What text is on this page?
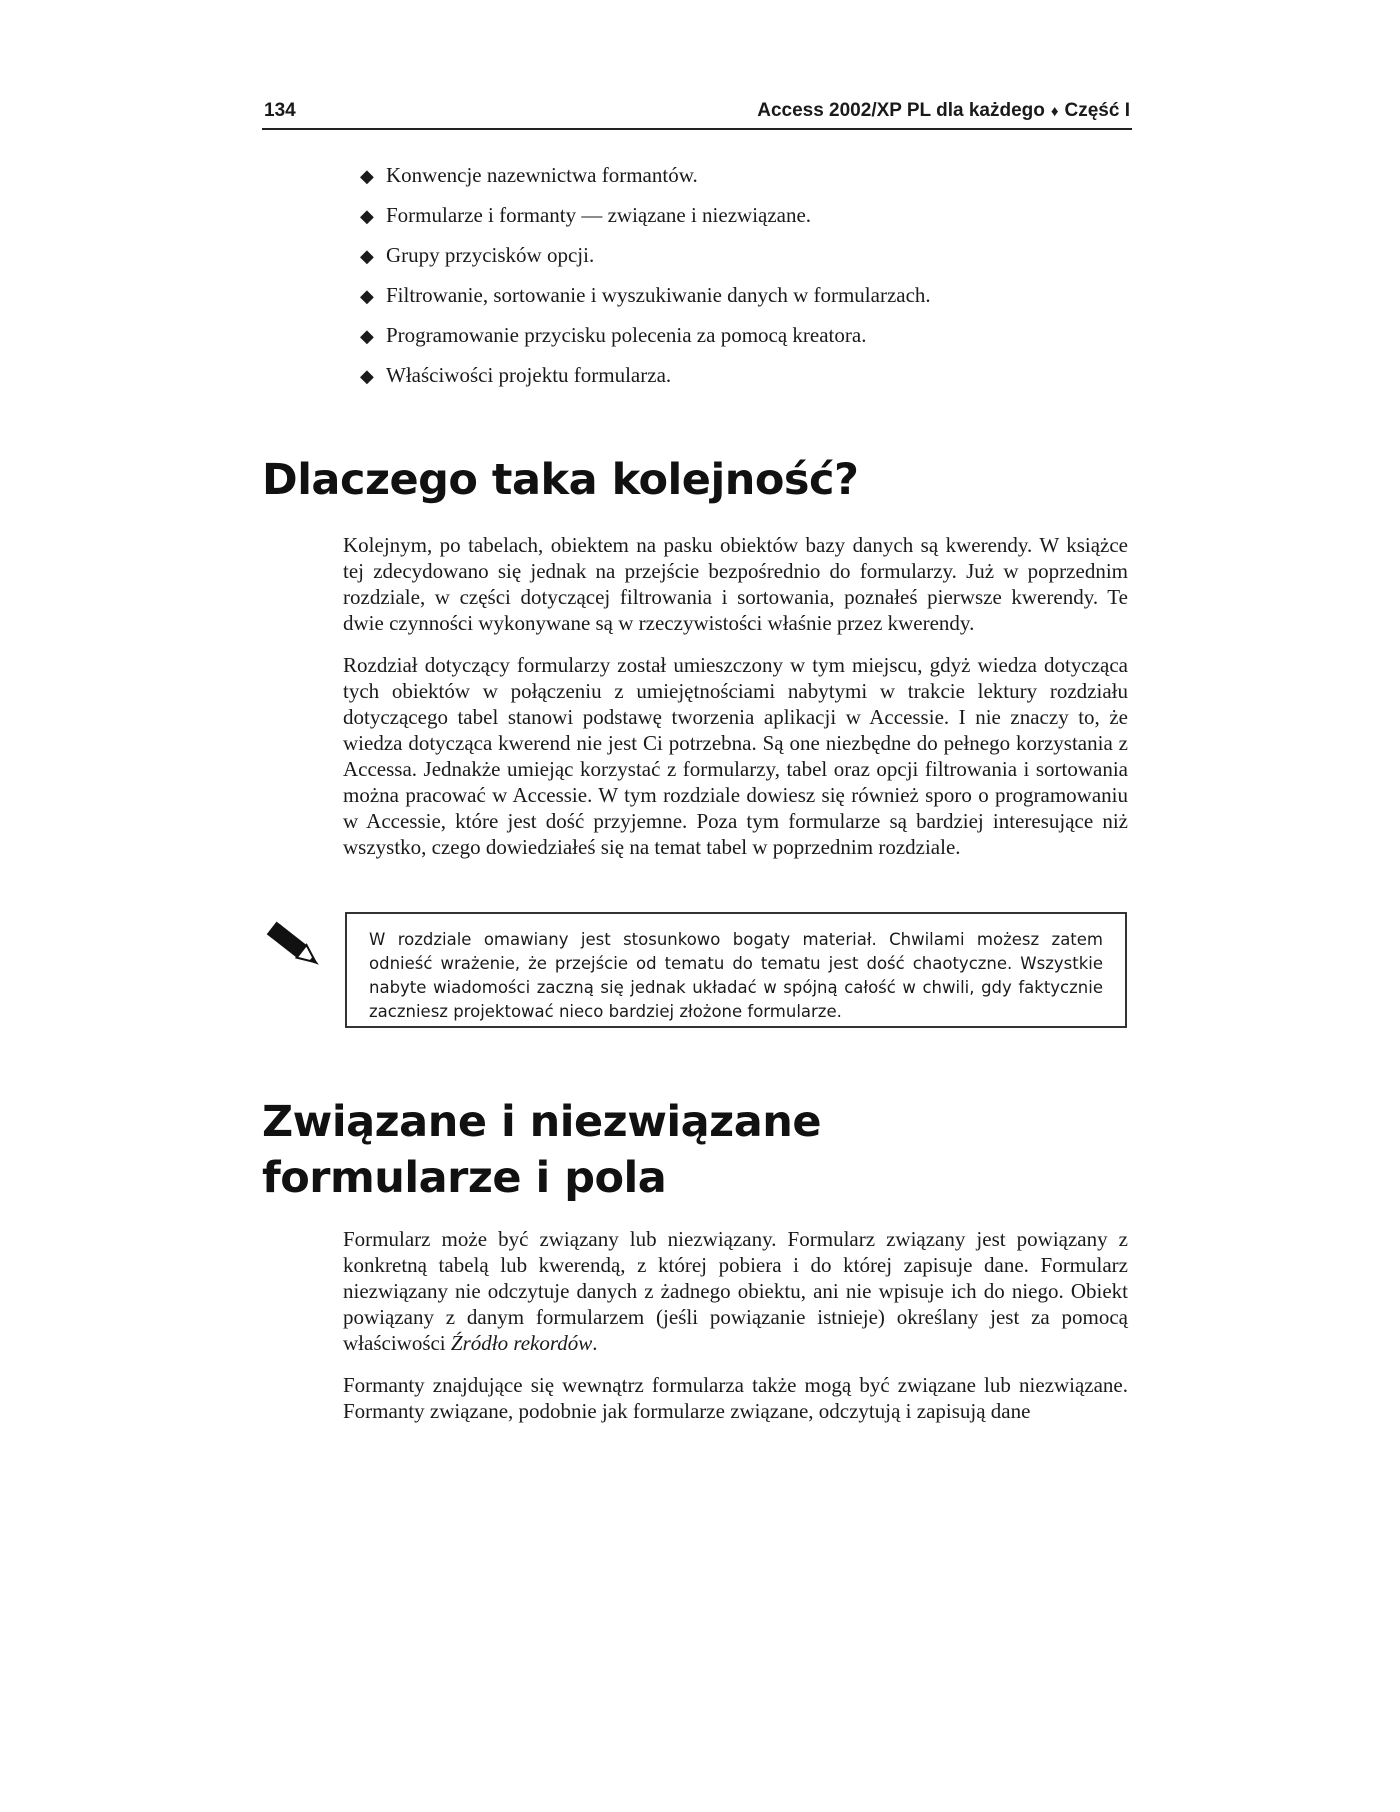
134	Access 2002/XP PL dla każdego ♦ Część I
◆ Konwencje nazewnictwa formantów.
◆ Formularze i formanty — związane i niezwiązane.
◆ Grupy przycisków opcji.
◆ Filtrowanie, sortowanie i wyszukiwanie danych w formularzach.
◆ Programowanie przycisku polecenia za pomocą kreatora.
◆ Właściwości projektu formularza.
Dlaczego taka kolejność?

Kolejnym, po tabelach, obiektem na pasku obiektów bazy danych są kwerendy. W książce tej zdecydowano się jednak na przejście bezpośrednio do formularzy. Już w poprzednim rozdziale, w części dotyczącej filtrowania i sortowania, poznałeś pierwsze kwerendy. Te dwie czynności wykonywane są w rzeczywistości właśnie przez kwerendy.

Rozdział dotyczący formularzy został umieszczony w tym miejscu, gdyż wiedza dotycząca tych obiektów w połączeniu z umiejętnościami nabytymi w trakcie lektury rozdziału dotyczącego tabel stanowi podstawę tworzenia aplikacji w Accessie. I nie znaczy to, że wiedza dotycząca kwerend nie jest Ci potrzebna. Są one niezbędne do pełnego korzystania z Accessa. Jednakże umiejąc korzystać z formularzy, tabel oraz opcji filtrowania i sortowania można pracować w Accessie. W tym rozdziale dowiesz się również sporo o programowaniu w Accessie, które jest dość przyjemne. Poza tym formularze są bardziej interesujące niż wszystko, czego dowiedziałeś się na temat tabel w poprzednim rozdziale.

W rozdziale omawiany jest stosunkowo bogaty materiał. Chwilami możesz zatem odnieść wrażenie, że przejście od tematu do tematu jest dość chaotyczne. Wszystkie nabyte wiadomości zaczną się jednak układać w spójną całość w chwili, gdy faktycznie zaczniesz projektować nieco bardziej złożone formularze.
Związane i niezwiązane
formularze i pola

Formularz może być związany lub niezwiązany. Formularz związany jest powiązany z konkretną tabelą lub kwerendą, z której pobiera i do której zapisuje dane. Formularz niezwiązany nie odczytuje danych z żadnego obiektu, ani nie wpisuje ich do niego. Obiekt powiązany z danym formularzem (jeśli powiązanie istnieje) określany jest za pomocą właściwości Źródło rekordów.

Formanty znajdujące się wewnątrz formularza także mogą być związane lub niezwiązane. Formanty związane, podobnie jak formularze związane, odczytują i zapisują dane
